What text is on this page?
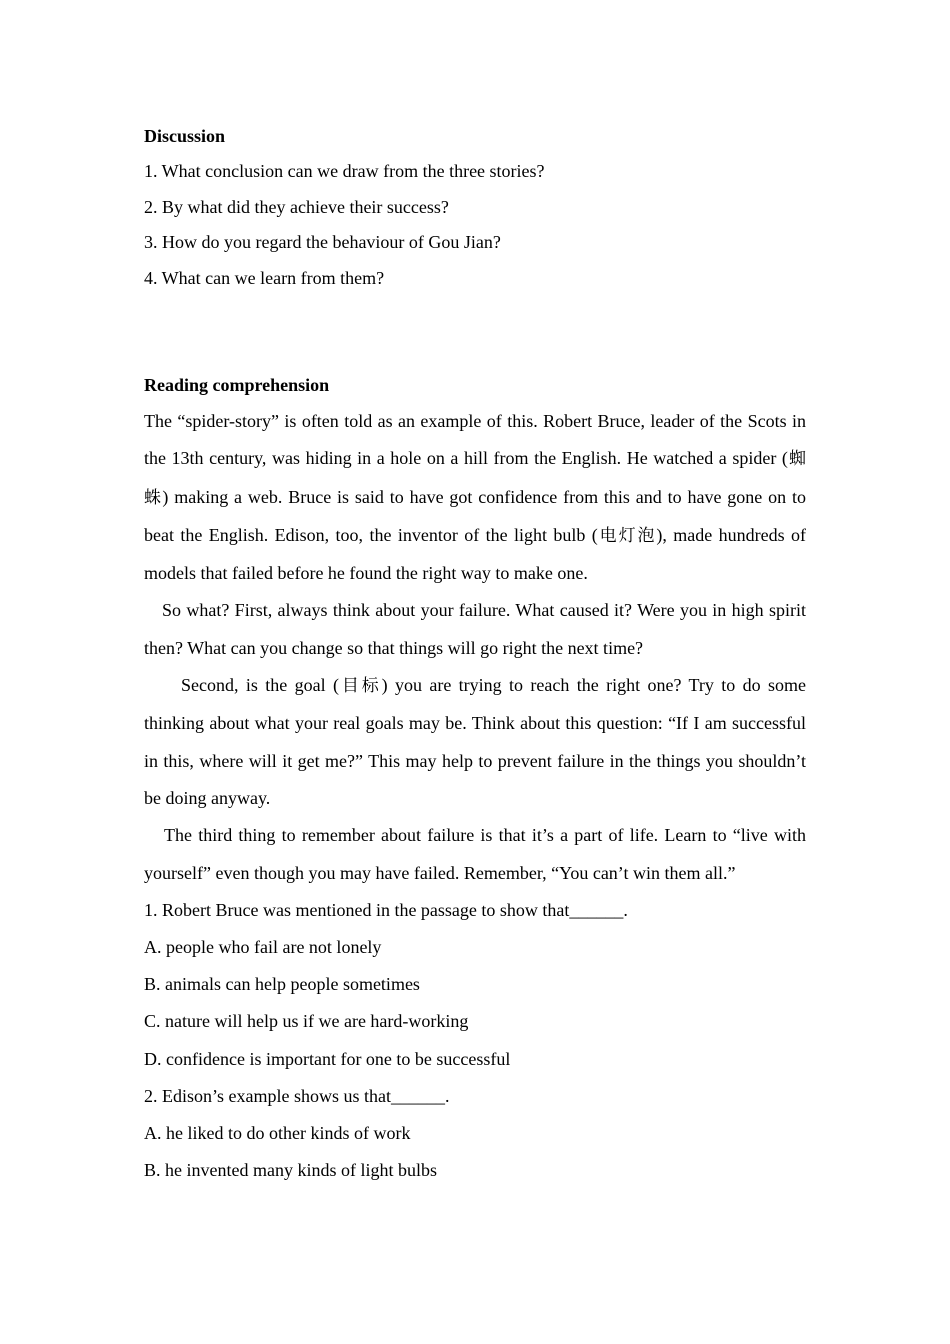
Discussion

1. What conclusion can we draw from the three stories?

2. By what did they achieve their success?

3. How do you regard the behaviour of Gou Jian?

4. What can we learn from them?

Reading comprehension

The “spider-story” is often told as an example of this. Robert Bruce, leader of the Scots in the 13th century, was hiding in a hole on a hill from the English. He watched a spider (蜘蛛) making a web. Bruce is said to have got confidence from this and to have gone on to beat the English. Edison, too, the inventor of the light bulb (电灯泡), made hundreds of models that failed before he found the right way to make one.

So what? First, always think about your failure. What caused it? Were you in high spirit then? What can you change so that things will go right the next time?

Second, is the goal (目标) you are trying to reach the right one? Try to do some thinking about what your real goals may be. Think about this question: “If I am successful in this, where will it get me?” This may help to prevent failure in the things you shouldn’t be doing anyway.

The third thing to remember about failure is that it’s a part of life. Learn to “live with yourself” even though you may have failed. Remember, “You can’t win them all.”

1. Robert Bruce was mentioned in the passage to show that______.

A. people who fail are not lonely

B. animals can help people sometimes

C. nature will help us if we are hard-working

D. confidence is important for one to be successful

2. Edison’s example shows us that______.

A. he liked to do other kinds of work

B. he invented many kinds of light bulbs
